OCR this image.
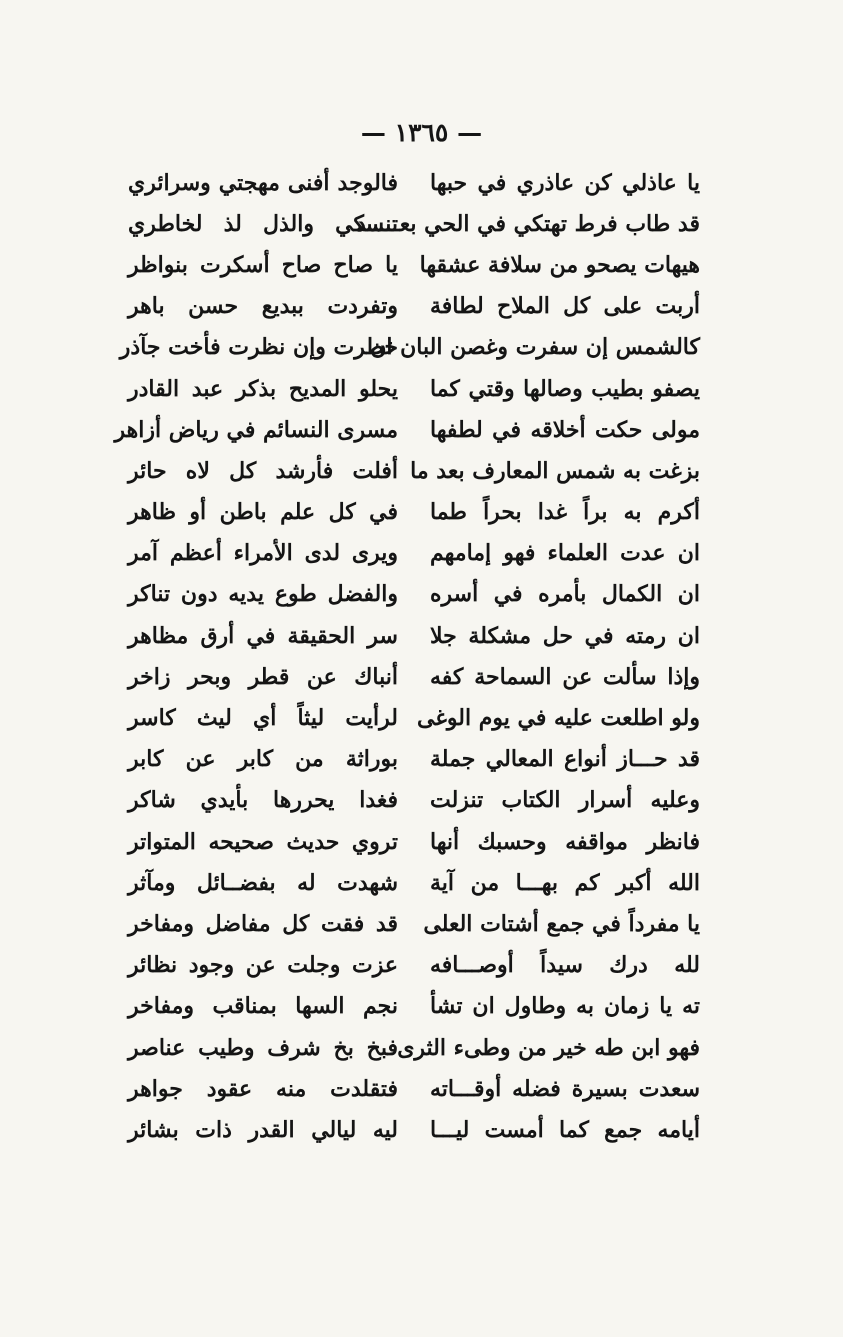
— ١٣٦٥ —
يا عاذلي كن عاذري في حبها
فالوجد أفنى مهجتي وسرائري
قد طاب فرط تهتكي في الحي بعـــــد
تنسكي والذل لذ لخاطري
هيهات يصحو من سلافة عشقها
يا صاح صاح أسكرت بنواظر
أربت على كل الملاح لطافة
وتفردت ببديع حسن باهر
كالشمس إن سفرت وغصن البان ان
خطرت وإن نظرت فأخت جآذر
يصفو بطيب وصالها وقتي كما
يحلو المديح بذكر عبد القادر
مولى حكت أخلاقه في لطفها
مسرى النسائم في رياض أزاهر
بزغت به شمس المعارف بعد ما
أفلت فأرشد كل لاه حائر
أكرم به براً غدا بحراً طما
في كل علم باطن أو ظاهر
ان عدت العلماء فهو إمامهم
ويرى لدى الأمراء أعظم آمر
ان الكمال بأمره في أسره
والفضل طوع يديه دون تناكر
ان رمته في حل مشكلة جلا
سر الحقيقة في أرق مظاهر
وإذا سألت عن السماحة كفه
أنباك عن قطر وبحر زاخر
ولو اطلعت عليه في يوم الوغى
لرأيت ليثاً أي ليث كاسر
قد حـــاز أنواع المعالي جملة
بوراثة من كابر عن كابر
وعليه أسرار الكتاب تنزلت
فغدا يحررها بأيدي شاكر
فانظر مواقفه وحسبك أنها
تروي حديث صحيحه المتواتر
الله أكبر كم بهـــا من آية
شهدت له بفضــائل ومآثر
يا مفرداً في جمع أشتات العلى
قد فقت كل مفاضل ومفاخر
لله درك سيداً أوصـــافه
عزت وجلت عن وجود نظائر
ته يا زمان به وطاول ان تشأ
نجم السها بمناقب ومفاخر
فهو ابن طه خير من وطىء الثرى
فبخ بخ شرف وطيب عناصر
سعدت بسيرة فضله أوقـــاته
فتقلدت منه عقود جواهر
أيامه جمع كما أمست ليـــا
ليه ليالي القدر ذات بشائر
